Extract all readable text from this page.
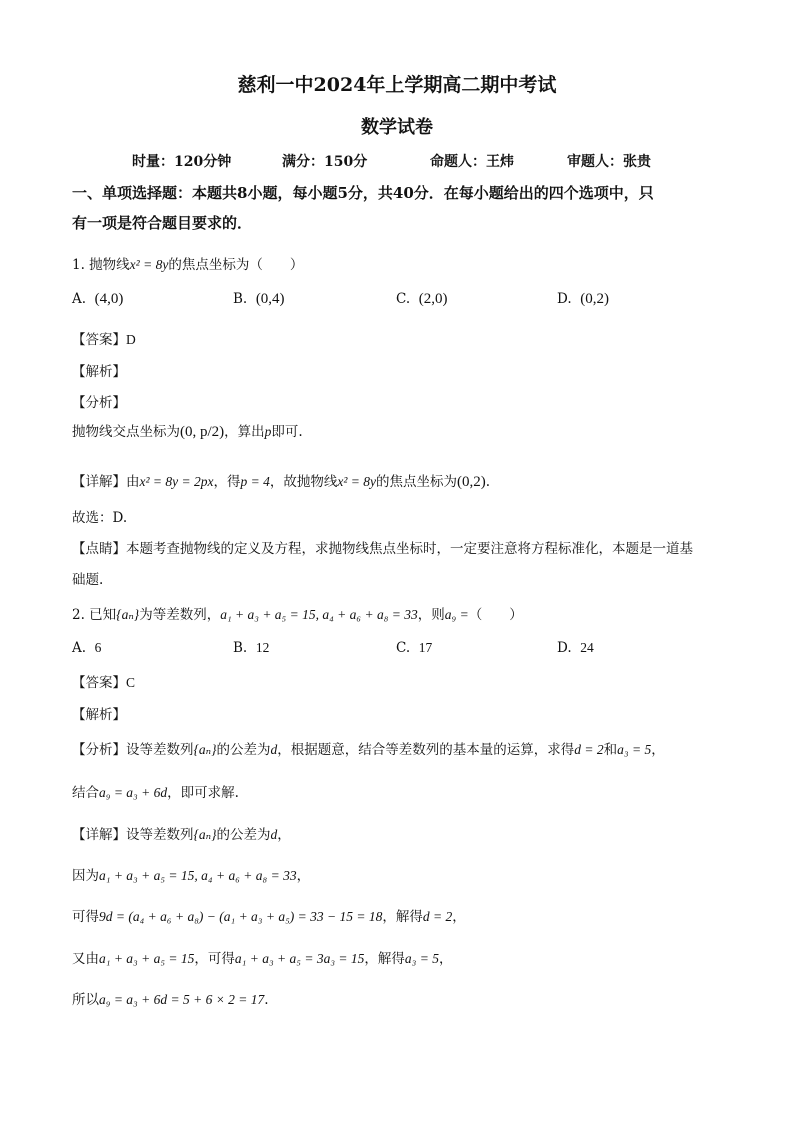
慈利一中2024年上学期高二期中考试
数学试卷
时量：120分钟	满分：150分	命题人：王炜	审题人：张贵
一、单项选择题：本题共8小题，每小题5分，共40分．在每小题给出的四个选项中，只
有一项是符合题目要求的．
1. 抛物线x² = 8y的焦点坐标为（　　）
A. (4,0)	B. (0,4)	C. (2,0)	D. (0,2)
【答案】D
【解析】
【分析】
抛物线交点坐标为(0, p/2)，算出p即可.
【详解】由x² = 8y = 2px，得p = 4，故抛物线x² = 8y的焦点坐标为(0,2).
故选：D.
【点睛】本题考查抛物线的定义及方程，求抛物线焦点坐标时，一定要注意将方程标准化，本题是一道基
础题.
2. 已知{aₙ}为等差数列，a₁ + a₃ + a₅ = 15, a₄ + a₆ + a₈ = 33，则a₉ =（　　）
A. 6	B. 12	C. 17	D. 24
【答案】C
【解析】
【分析】设等差数列{aₙ}的公差为d，根据题意，结合等差数列的基本量的运算，求得d = 2和a₃ = 5，
结合a₉ = a₃ + 6d，即可求解.
【详解】设等差数列{aₙ}的公差为d，
因为a₁ + a₃ + a₅ = 15, a₄ + a₆ + a₈ = 33，
可得9d = (a₄ + a₆ + a₈) − (a₁ + a₃ + a₅) = 33 − 15 = 18，解得d = 2，
又由a₁ + a₃ + a₅ = 15，可得a₁ + a₃ + a₅ = 3a₃ = 15，解得a₃ = 5，
所以a₉ = a₃ + 6d = 5 + 6 × 2 = 17.
